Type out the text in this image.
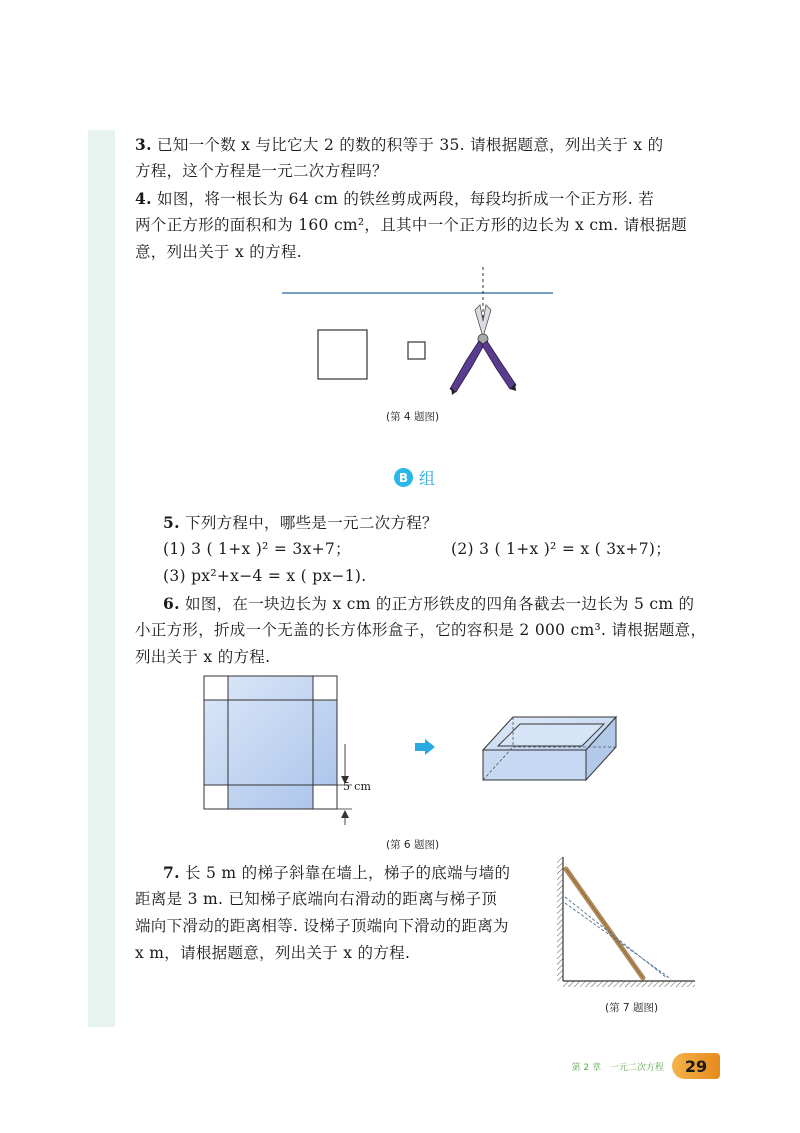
3. 已知一个数 x 与比它大 2 的数的积等于 35. 请根据题意，列出关于 x 的
方程，这个方程是一元二次方程吗？
4. 如图，将一根长为 64 cm 的铁丝剪成两段，每段均折成一个正方形. 若
两个正方形的面积和为 160 cm²，且其中一个正方形的边长为 x cm. 请根据题
意，列出关于 x 的方程.
(第 4 题图)
B 组
5. 下列方程中，哪些是一元二次方程？
(1) 3 ( 1+x )² = 3x+7；	(2) 3 ( 1+x )² = x ( 3x+7)；
(3) px²+x−4 = x ( px−1).
6. 如图，在一块边长为 x cm 的正方形铁皮的四角各截去一边长为 5 cm 的
小正方形，折成一个无盖的长方体形盒子，它的容积是 2 000 cm³. 请根据题意，
列出关于 x 的方程.
5 cm
(第 6 题图)
7. 长 5 m 的梯子斜靠在墙上，梯子的底端与墙的
距离是 3 m. 已知梯子底端向右滑动的距离与梯子顶
端向下滑动的距离相等. 设梯子顶端向下滑动的距离为
x m，请根据题意，列出关于 x 的方程.
(第 7 题图)
第 2 章　一元二次方程	29
